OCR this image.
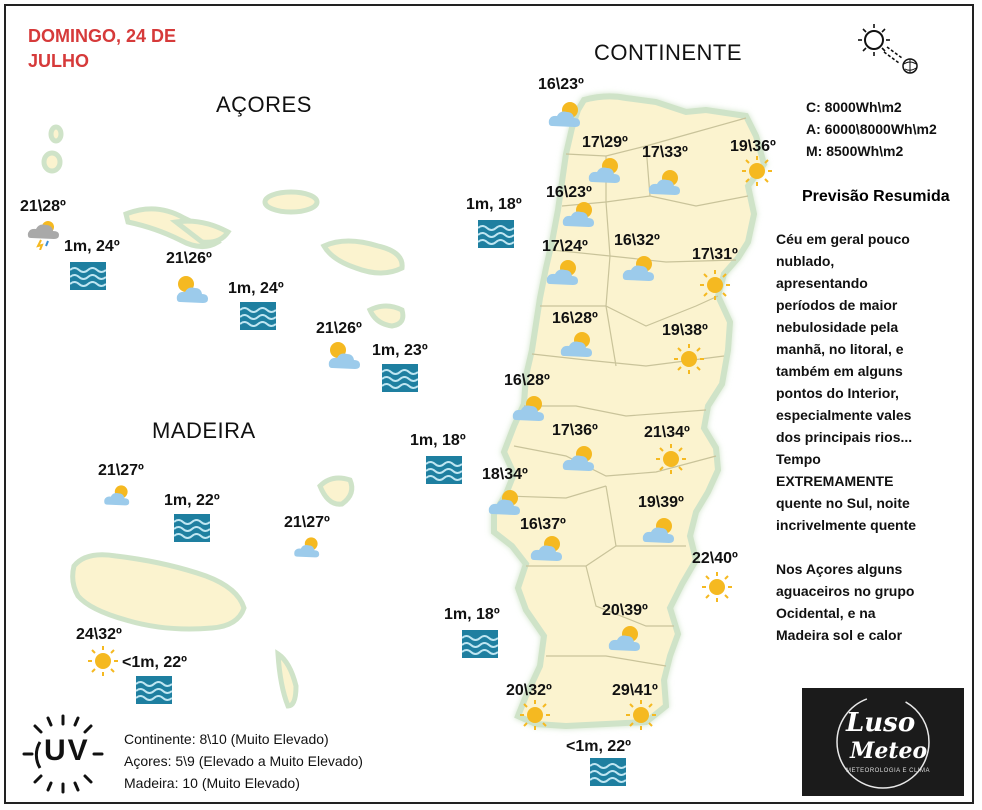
DOMINGO, 24 DE
JULHO	CONTINENTE
AÇORES
MADEIRA
C: 8000Wh\m2
A: 6000\8000Wh\m2
M: 8500Wh\m2
Previsão Resumida
Céu em geral pouco
nublado,
apresentando
períodos de maior
nebulosidade pela
manhã, no litoral, e
também em alguns
pontos do Interior,
especialmente vales
dos principais rios...
Tempo
EXTREMAMENTE
quente no Sul, noite
incrivelmente quente
Nos Açores alguns
aguaceiros no grupo
Ocidental, e na
Madeira sol e calor
16\23º
17\29º
17\33º	19\36º
16\23º
17\24º 16\32º
17\31º
16\28º
19\38º
16\28º
17\36º	21\34º
18\34º
19\39º
16\37º
22\40º
20\39º
20\32º	29\41º
21\28º
21\26º
21\26º
21\27º
21\27º
24\32º
1m, 18º
1m, 18º
1m, 18º
<1m, 22º
1m, 24º
1m, 24º
1m, 23º
1m, 22º
<1m, 22º
UV Continente: 8\10 (Muito Elevado)
Açores: 5\9 (Elevado a Muito Elevado)
Madeira: 10 (Muito Elevado)
Luso
Meteo
METEOROLOGIA E CLIMA
